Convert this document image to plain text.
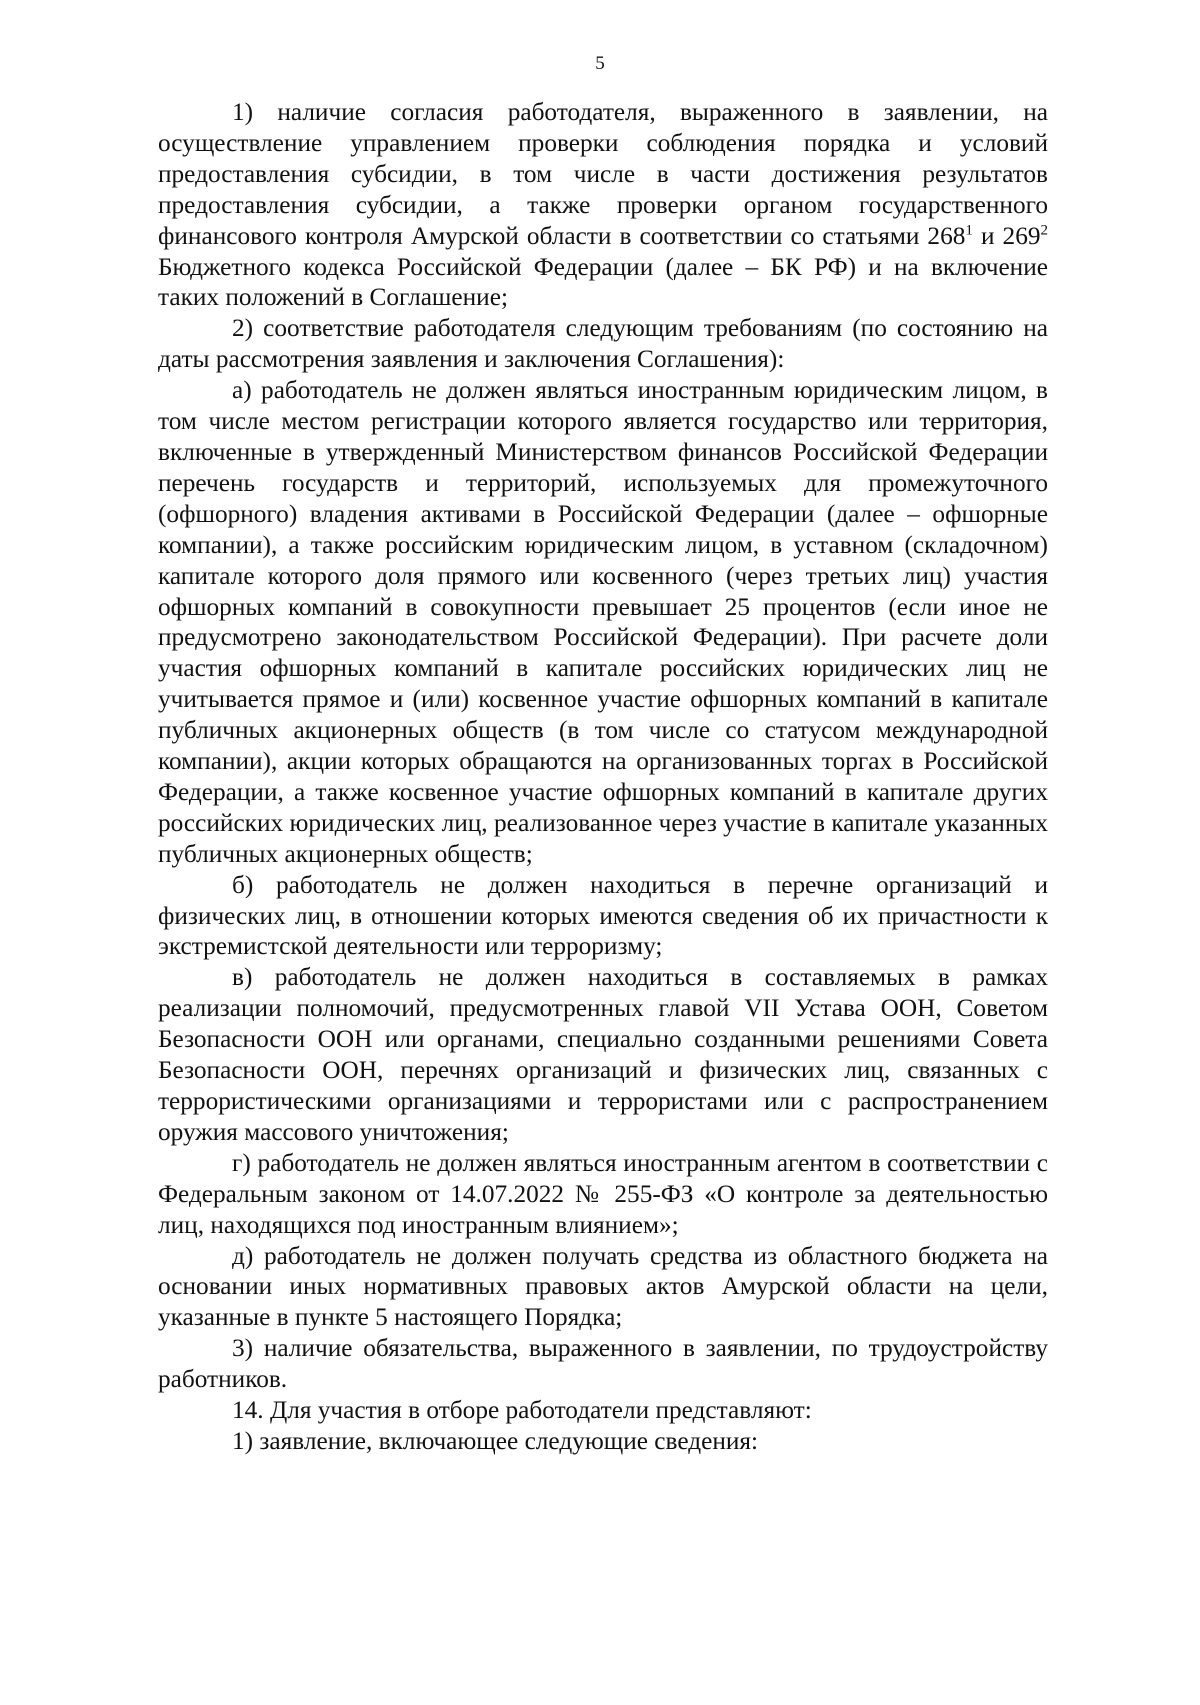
5

1) наличие согласия работодателя, выраженного в заявлении, на осуществление управлением проверки соблюдения порядка и условий предоставления субсидии, в том числе в части достижения результатов предоставления субсидии, а также проверки органом государственного финансового контроля Амурской области в соответствии со статьями $268^1$ и $269^2$ Бюджетного кодекса Российской Федерации (далее – БК РФ) и на включение таких положений в Соглашение;

2) соответствие работодателя следующим требованиям (по состоянию на даты рассмотрения заявления и заключения Соглашения):

а) работодатель не должен являться иностранным юридическим лицом, в том числе местом регистрации которого является государство или территория, включенные в утвержденный Министерством финансов Российской Федерации перечень государств и территорий, используемых для промежуточного (офшорного) владения активами в Российской Федерации (далее – офшорные компании), а также российским юридическим лицом, в уставном (складочном) капитале которого доля прямого или косвенного (через третьих лиц) участия офшорных компаний в совокупности превышает 25 процентов (если иное не предусмотрено законодательством Российской Федерации). При расчете доли участия офшорных компаний в капитале российских юридических лиц не учитывается прямое и (или) косвенное участие офшорных компаний в капитале публичных акционерных обществ (в том числе со статусом международной компании), акции которых обращаются на организованных торгах в Российской Федерации, а также косвенное участие офшорных компаний в капитале других российских юридических лиц, реализованное через участие в капитале указанных публичных акционерных обществ;

б) работодатель не должен находиться в перечне организаций и физических лиц, в отношении которых имеются сведения об их причастности к экстремистской деятельности или терроризму;

в) работодатель не должен находиться в составляемых в рамках реализации полномочий, предусмотренных главой VII Устава ООН, Советом Безопасности ООН или органами, специально созданными решениями Совета Безопасности ООН, перечнях организаций и физических лиц, связанных с террористическими организациями и террористами или с распространением оружия массового уничтожения;

г) работодатель не должен являться иностранным агентом в соответствии с Федеральным законом от 14.07.2022 № 255-ФЗ «О контроле за деятельностью лиц, находящихся под иностранным влиянием»;

д) работодатель не должен получать средства из областного бюджета на основании иных нормативных правовых актов Амурской области на цели, указанные в пункте 5 настоящего Порядка;

3) наличие обязательства, выраженного в заявлении, по трудоустройству работников.

14. Для участия в отборе работодатели представляют:

1) заявление, включающее следующие сведения:
